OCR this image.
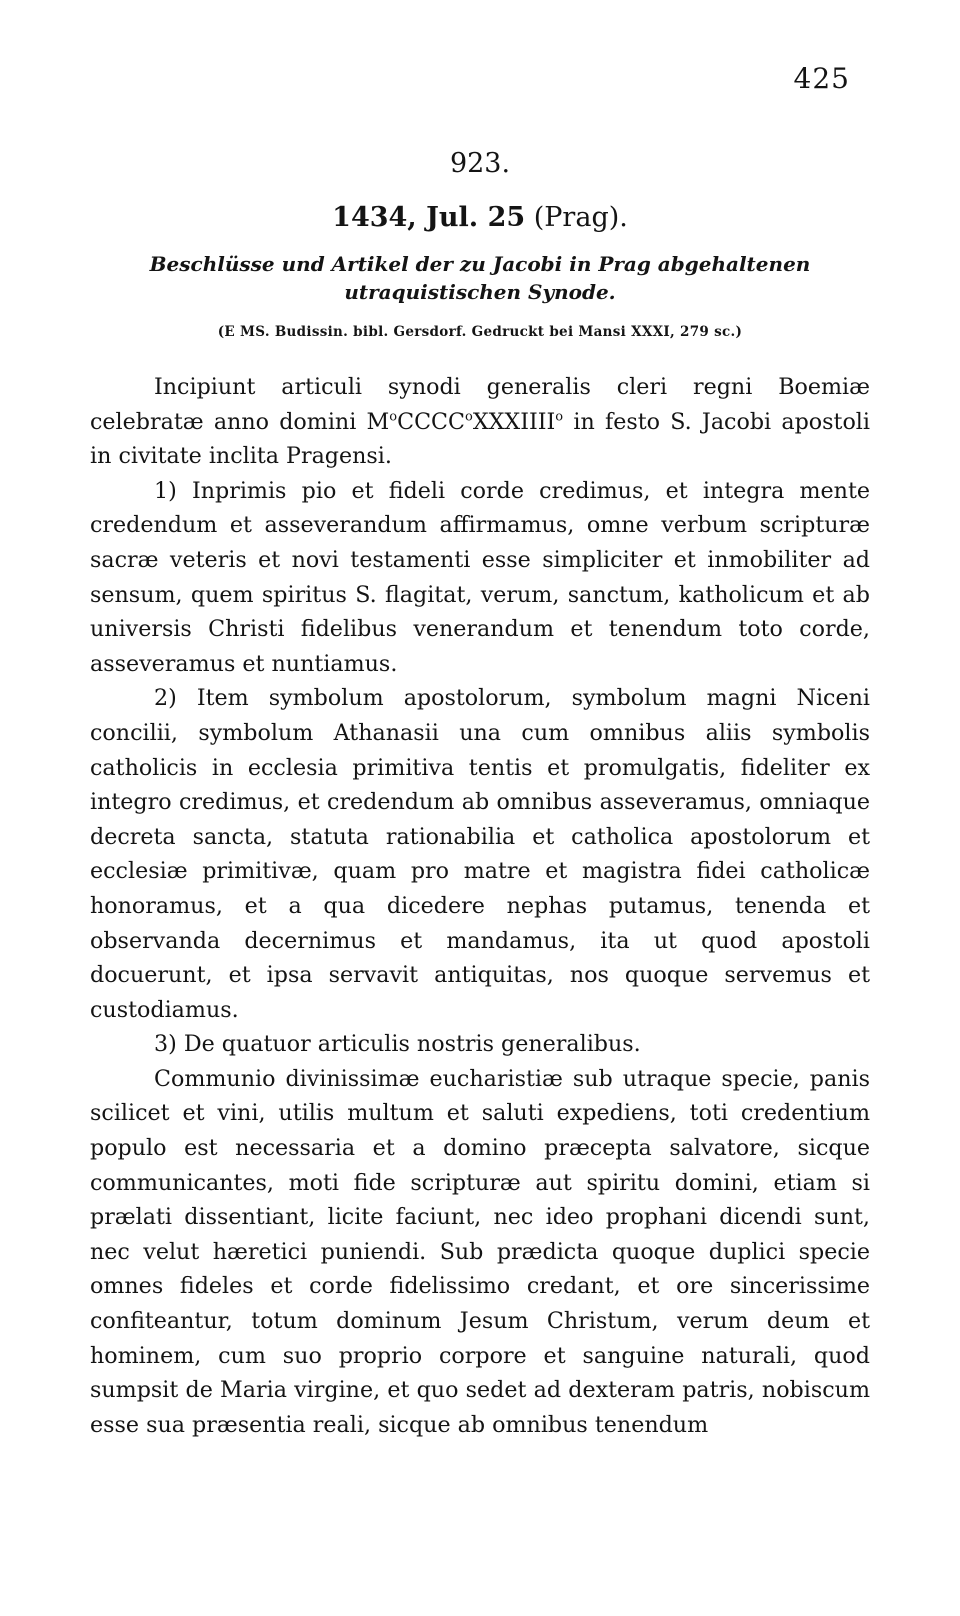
425
923.
1434, Jul. 25 (Prag).
Beschlüsse und Artikel der zu Jacobi in Prag abgehaltenen utraquistischen Synode.
(E MS. Budissin. bibl. Gersdorf. Gedruckt bei Mansi XXXI, 279 sc.)

Incipiunt articuli synodi generalis cleri regni Boemiæ celebratæ anno domini $M^oCCCC^oXXXIIII^o$ in festo S. Jacobi apostoli in civitate inclita Pragensi.

1) Inprimis pio et fideli corde credimus, et integra mente credendum et asseverandum affirmamus, omne verbum scripturæ sacræ veteris et novi testamenti esse simpliciter et inmobiliter ad sensum, quem spiritus S. flagitat, verum, sanctum, katholicum et ab universis Christi fidelibus venerandum et tenendum toto corde, asseveramus et nuntiamus.

2) Item symbolum apostolorum, symbolum magni Niceni concilii, symbolum Athanasii una cum omnibus aliis symbolis catholicis in ecclesia primitiva tentis et promulgatis, fideliter ex integro credimus, et credendum ab omnibus asseveramus, omniaque decreta sancta, statuta rationabilia et catholica apostolorum et ecclesiæ primitivæ, quam pro matre et magistra fidei catholicæ honoramus, et a qua dicedere nephas putamus, tenenda et observanda decernimus et mandamus, ita ut quod apostoli docuerunt, et ipsa servavit antiquitas, nos quoque servemus et custodiamus.

3) De quatuor articulis nostris generalibus.

Communio divinissimæ eucharistiæ sub utraque specie, panis scilicet et vini, utilis multum et saluti expediens, toti credentium populo est necessaria et a domino præcepta salvatore, sicque communicantes, moti fide scripturæ aut spiritu domini, etiam si prælati dissentiant, licite faciunt, nec ideo prophani dicendi sunt, nec velut hæretici puniendi. Sub prædicta quoque duplici specie omnes fideles et corde fidelissimo credant, et ore sincerissime confiteantur, totum dominum Jesum Christum, verum deum et hominem, cum suo proprio corpore et sanguine naturali, quod sumpsit de Maria virgine, et quo sedet ad dexteram patris, nobiscum esse sua præsentia reali, sicque ab omnibus tenendum
